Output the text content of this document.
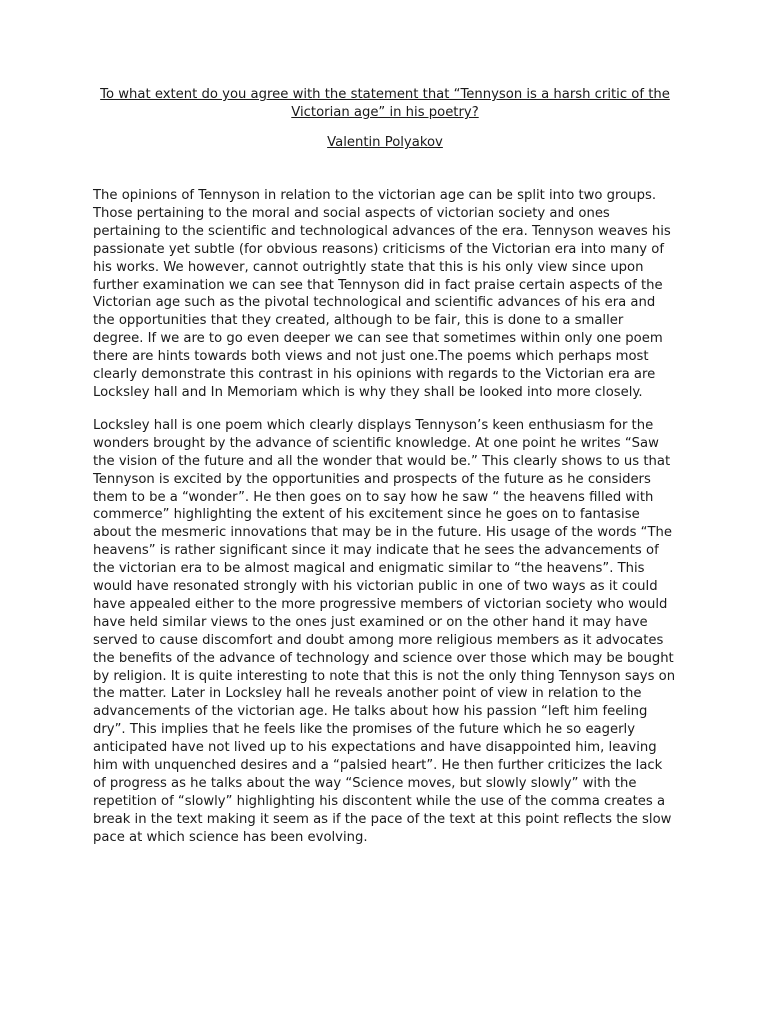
To what extent do you agree with the statement that “Tennyson is a harsh critic of the Victorian age” in his poetry?
Valentin Polyakov

The opinions of Tennyson in relation to the victorian age can be split into two groups. Those pertaining to the moral and social aspects of victorian society and ones pertaining to the scientific and technological advances of the era. Tennyson weaves his passionate yet subtle (for obvious reasons) criticisms of the Victorian era into many of his works. We however, cannot outrightly state that this is his only view since upon further examination we can see that Tennyson did in fact praise certain aspects of the Victorian age such as the pivotal technological and scientific advances of his era and the opportunities that they created, although to be fair, this is done to a smaller degree. If we are to go even deeper we can see that sometimes within only one poem there are hints towards both views and not just one.The poems which perhaps most clearly demonstrate this contrast in his opinions with regards to the Victorian era are Locksley hall and In Memoriam which is why they shall be looked into more closely.

Locksley hall is one poem which clearly displays Tennyson’s keen enthusiasm for the wonders brought by the advance of scientific knowledge. At one point he writes “Saw the vision of the future and all the wonder that would be.” This clearly shows to us that Tennyson is excited by the opportunities and prospects of the future as he considers them to be a “wonder”. He then goes on to say how he saw “ the heavens filled with commerce” highlighting the extent of his excitement since he goes on to fantasise about the mesmeric innovations that may be in the future. His usage of the words “The heavens” is rather significant since it may indicate that he sees the advancements of the victorian era to be almost magical and enigmatic similar to “the heavens”. This would have resonated strongly with his victorian public in one of two ways as it could have appealed either to the more progressive members of victorian society who would have held similar views to the ones just examined or on the other hand it may have served to cause discomfort and doubt among more religious members as it advocates the benefits of the advance of technology and science over those which may be bought by religion. It is quite interesting to note that this is not the only thing Tennyson says on the matter. Later in Locksley hall he reveals another point of view in relation to the advancements of the victorian age. He talks about how his passion “left him feeling dry”. This implies that he feels like the promises of the future which he so eagerly anticipated have not lived up to his expectations and have disappointed him, leaving him with unquenched desires and a “palsied heart”. He then further criticizes the lack of progress as he talks about the way “Science moves, but slowly slowly” with the repetition of “slowly” highlighting his discontent while the use of the comma creates a break in the text making it seem as if the pace of the text at this point reflects the slow pace at which science has been evolving.
